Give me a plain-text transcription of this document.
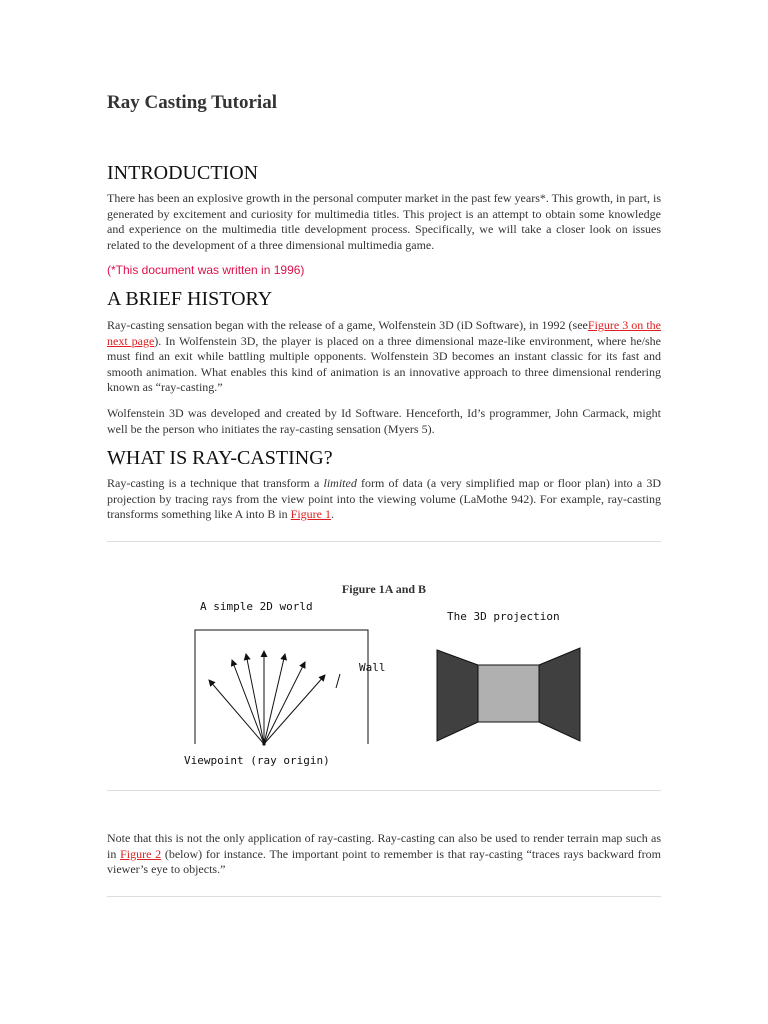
Ray Casting Tutorial
INTRODUCTION

There has been an explosive growth in the personal computer market in the past few years*. This growth, in part, is generated by excitement and curiosity for multimedia titles. This project is an attempt to obtain some knowledge and experience on the multimedia title development process. Specifically, we will take a closer look on issues related to the development of a three dimensional multimedia game.

(*This document was written in 1996)

A BRIEF HISTORY

Ray-casting sensation began with the release of a game, Wolfenstein 3D (iD Software), in 1992 (seeFigure 3 on the next page). In Wolfenstein 3D, the player is placed on a three dimensional maze-like environment, where he/she must find an exit while battling multiple opponents. Wolfenstein 3D becomes an instant classic for its fast and smooth animation. What enables this kind of animation is an innovative approach to three dimensional rendering known as “ray-casting.”

Wolfenstein 3D was developed and created by Id Software. Henceforth, Id’s programmer, John Carmack, might well be the person who initiates the ray-casting sensation (Myers 5).

WHAT IS RAY-CASTING?

Ray-casting is a technique that transform a limited form of data (a very simplified map or floor plan) into a 3D projection by tracing rays from the view point into the viewing volume (LaMothe 942). For example, ray-casting transforms something like A into B in Figure 1.

Figure 1A and B
A simple 2D world
Wall
Viewpoint (ray origin)
The 3D projection

Note that this is not the only application of ray-casting. Ray-casting can also be used to render terrain map such as in Figure 2 (below) for instance. The important point to remember is that ray-casting “traces rays backward from viewer’s eye to objects.”
